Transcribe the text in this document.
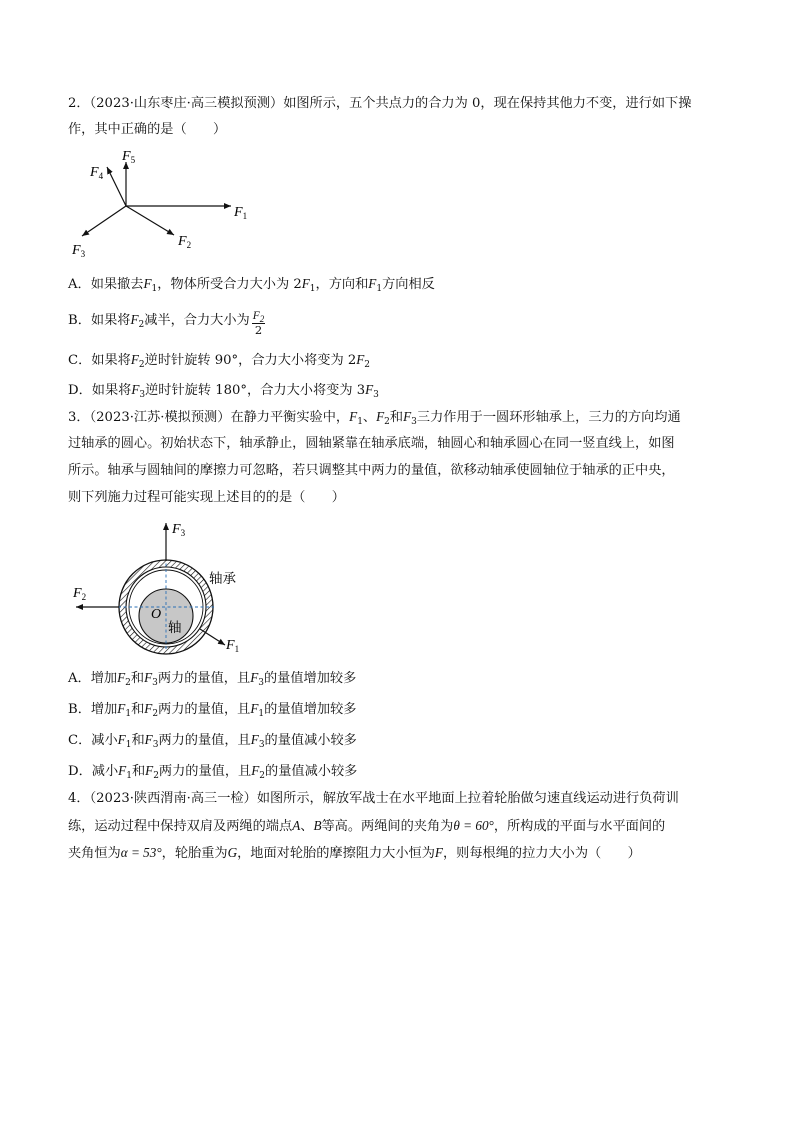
2．（2023·山东枣庄·高三模拟预测）如图所示，五个共点力的合力为 0，现在保持其他力不变，进行如下操
作，其中正确的是（　　）
$F_1$
$F_2$
$F_3$
$F_4$
$F_5$
A．如果撤去$F_1$，物体所受合力大小为 $2F_1$，方向和$F_1$方向相反
B．如果将$F_2$减半，合力大小为 $\frac{F_2}{2}$
C．如果将$F_2$逆时针旋转 90°，合力大小将变为 $2F_2$
D．如果将$F_3$逆时针旋转 180°，合力大小将变为 $3F_3$
3．（2023·江苏·模拟预测）在静力平衡实验中，$F_1$、$F_2$和$F_3$三力作用于一圆环形轴承上，三力的方向均通
过轴承的圆心。初始状态下，轴承静止，圆轴紧靠在轴承底端，轴圆心和轴承圆心在同一竖直线上，如图
所示。轴承与圆轴间的摩擦力可忽略，若只调整其中两力的量值，欲移动轴承使圆轴位于轴承的正中央，
则下列施力过程可能实现上述目的的是（　　）
$F_3$
$F_2$
$F_1$
轴承
O
轴
A．增加$F_2$和$F_3$两力的量值，且$F_3$的量值增加较多
B．增加$F_1$和$F_2$两力的量值，且$F_1$的量值增加较多
C．减小$F_1$和$F_3$两力的量值，且$F_3$的量值减小较多
D．减小$F_1$和$F_2$两力的量值，且$F_2$的量值减小较多
4．（2023·陕西渭南·高三一检）如图所示，解放军战士在水平地面上拉着轮胎做匀速直线运动进行负荷训
练，运动过程中保持双肩及两绳的端点A、B等高。两绳间的夹角为θ = 60°，所构成的平面与水平面间的
夹角恒为α = 53°，轮胎重为G，地面对轮胎的摩擦阻力大小恒为F，则每根绳的拉力大小为（　　）
